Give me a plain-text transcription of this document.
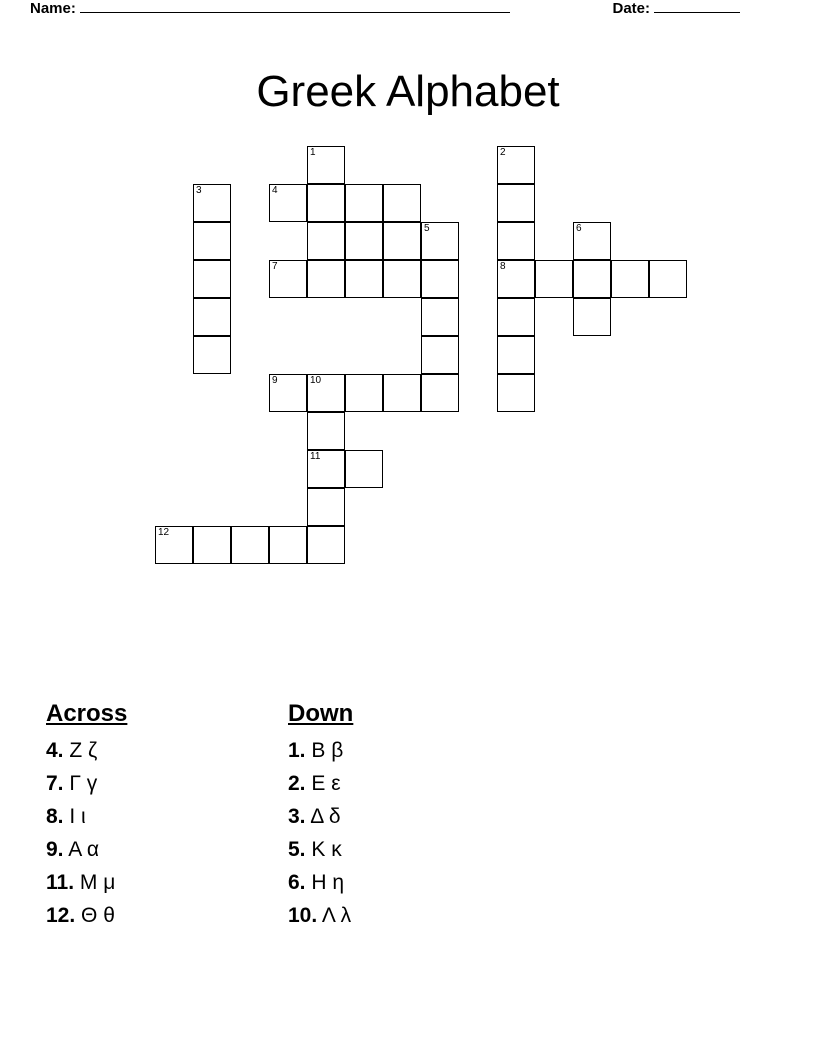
Name:	Date:
Greek Alphabet
1	2
3	4
5	6
7	8
9	10
11
12
Across
4. Z ζ
7. Γ γ
8. Ι ι
9. Α α
11. Μ μ
12. Θ θ
Down
1. Β β
2. Ε ε
3. Δ δ
5. Κ κ
6. Η η
10. Λ λ
